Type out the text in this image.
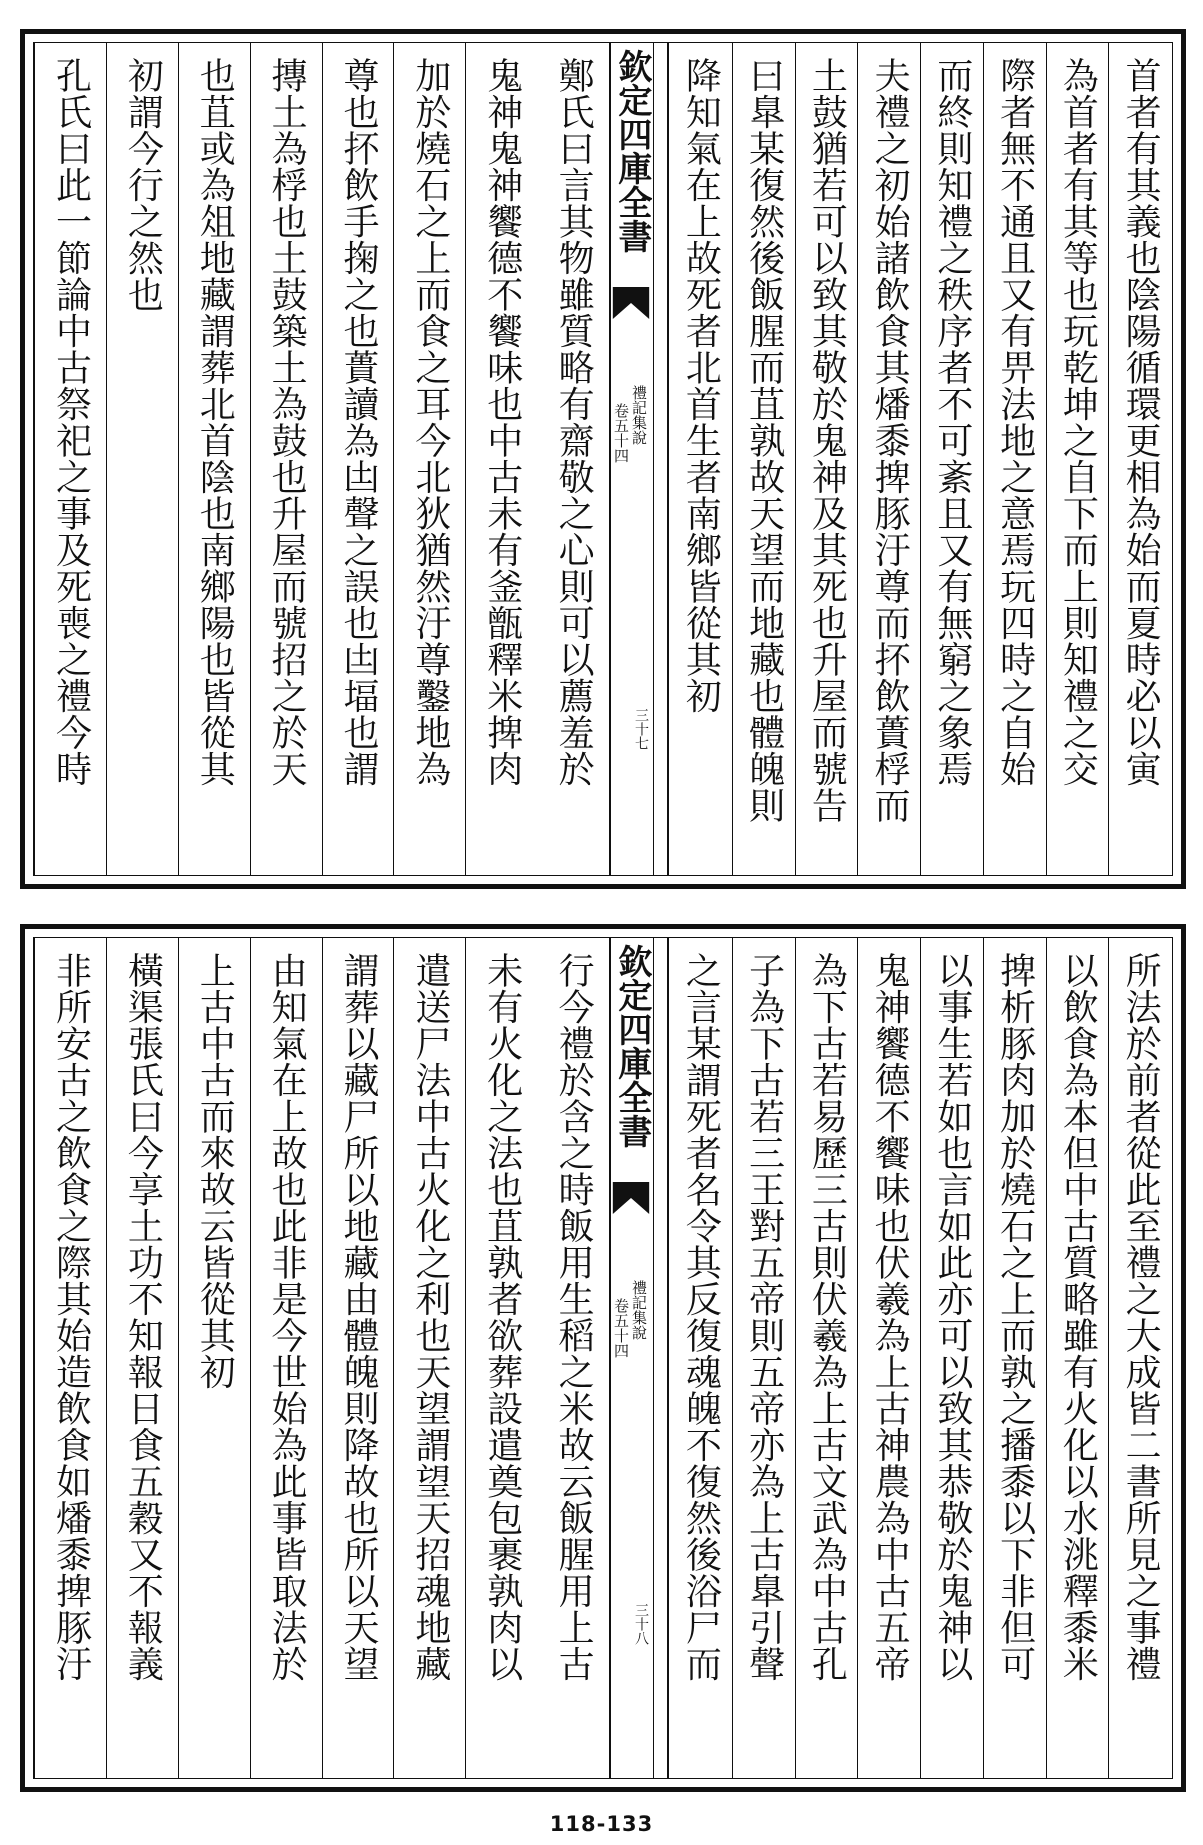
鄭氏曰言其物雖質略有齋敬之心則可以薦羞於
鬼神鬼神饗德不饗味也中古未有釜甑釋米捭肉
加於燒石之上而食之耳今北狄猶然汙尊鑿地為
尊也抔飲手掬之也蕢讀為凷聲之誤也凷堛也謂
摶土為桴也土鼓築土為鼓也升屋而號招之於天
也苴或為俎地藏謂葬北首陰也南鄉陽也皆從其
初謂今行之然也
孔氏曰此一節論中古祭祀之事及死喪之禮今時	首者有其義也陰陽循環更相為始而夏時必以寅
為首者有其等也玩乾坤之自下而上則知禮之交
際者無不通且又有畀法地之意焉玩四時之自始
而終則知禮之秩序者不可紊且又有無窮之象焉
夫禮之初始諸飲食其燔黍捭豚汙尊而抔飲蕢桴而
土鼓猶若可以致其敬於鬼神及其死也升屋而號告
曰臯某復然後飯腥而苴孰故天望而地藏也體魄則
降知氣在上故死者北首生者南鄉皆從其初
欽定四庫全書
禮記集說
卷五十四
三十七
行今禮於含之時飯用生稻之米故云飯腥用上古
未有火化之法也苴孰者欲葬設遣奠包裹孰肉以
遣送尸法中古火化之利也天望謂望天招魂地藏
謂葬以藏尸所以地藏由體魄則降故也所以天望
由知氣在上故也此非是今世始為此事皆取法於
上古中古而來故云皆從其初
橫渠張氏曰今享土功不知報日食五穀又不報義
非所安古之飲食之際其始造飲食如燔黍捭豚汙	所法於前者從此至禮之大成皆二書所見之事禮
以飲食為本但中古質略雖有火化以水洮釋黍米
捭析豚肉加於燒石之上而孰之播黍以下非但可
以事生若如也言如此亦可以致其恭敬於鬼神以
鬼神饗德不饗味也伏羲為上古神農為中古五帝
為下古若易歷三古則伏羲為上古文武為中古孔
子為下古若三王對五帝則五帝亦為上古臯引聲
之言某謂死者名令其反復魂魄不復然後浴尸而
欽定四庫全書
禮記集說
卷五十四
三十八
118-133
